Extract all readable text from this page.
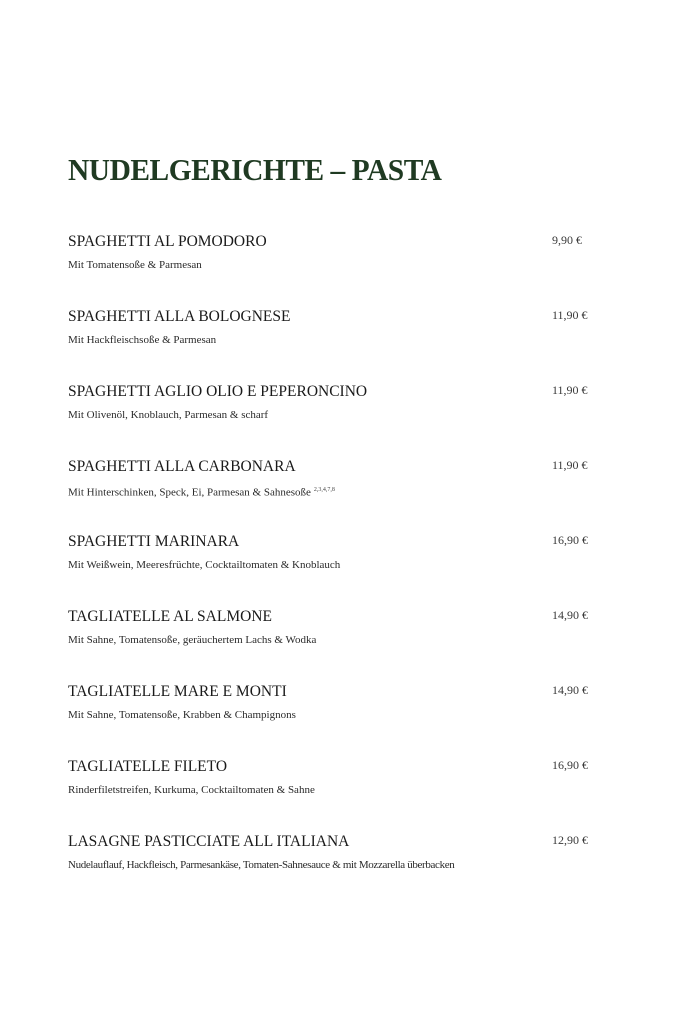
NUDELGERICHTE – PASTA
SPAGHETTI AL POMODORO	9,90 €
Mit Tomatensoße & Parmesan
SPAGHETTI ALLA BOLOGNESE	11,90 €
Mit Hackfleischsoße & Parmesan
SPAGHETTI AGLIO OLIO E PEPERONCINO	11,90 €
Mit Olivenöl, Knoblauch, Parmesan & scharf
SPAGHETTI ALLA CARBONARA	11,90 €
Mit Hinterschinken, Speck, Ei, Parmesan & Sahnesoße $^{2,3,4,7,8}$
SPAGHETTI MARINARA	16,90 €
Mit Weißwein, Meeresfrüchte, Cocktailtomaten & Knoblauch
TAGLIATELLE AL SALMONE	14,90 €
Mit Sahne, Tomatensoße, geräuchertem Lachs & Wodka
TAGLIATELLE MARE E MONTI	14,90 €
Mit Sahne, Tomatensoße, Krabben & Champignons
TAGLIATELLE FILETO	16,90 €
Rinderfiletstreifen, Kurkuma, Cocktailtomaten & Sahne
LASAGNE PASTICCIATE ALL ITALIANA	12,90 €
Nudelauflauf, Hackfleisch, Parmesankäse, Tomaten-Sahnesauce & mit Mozzarella überbacken
